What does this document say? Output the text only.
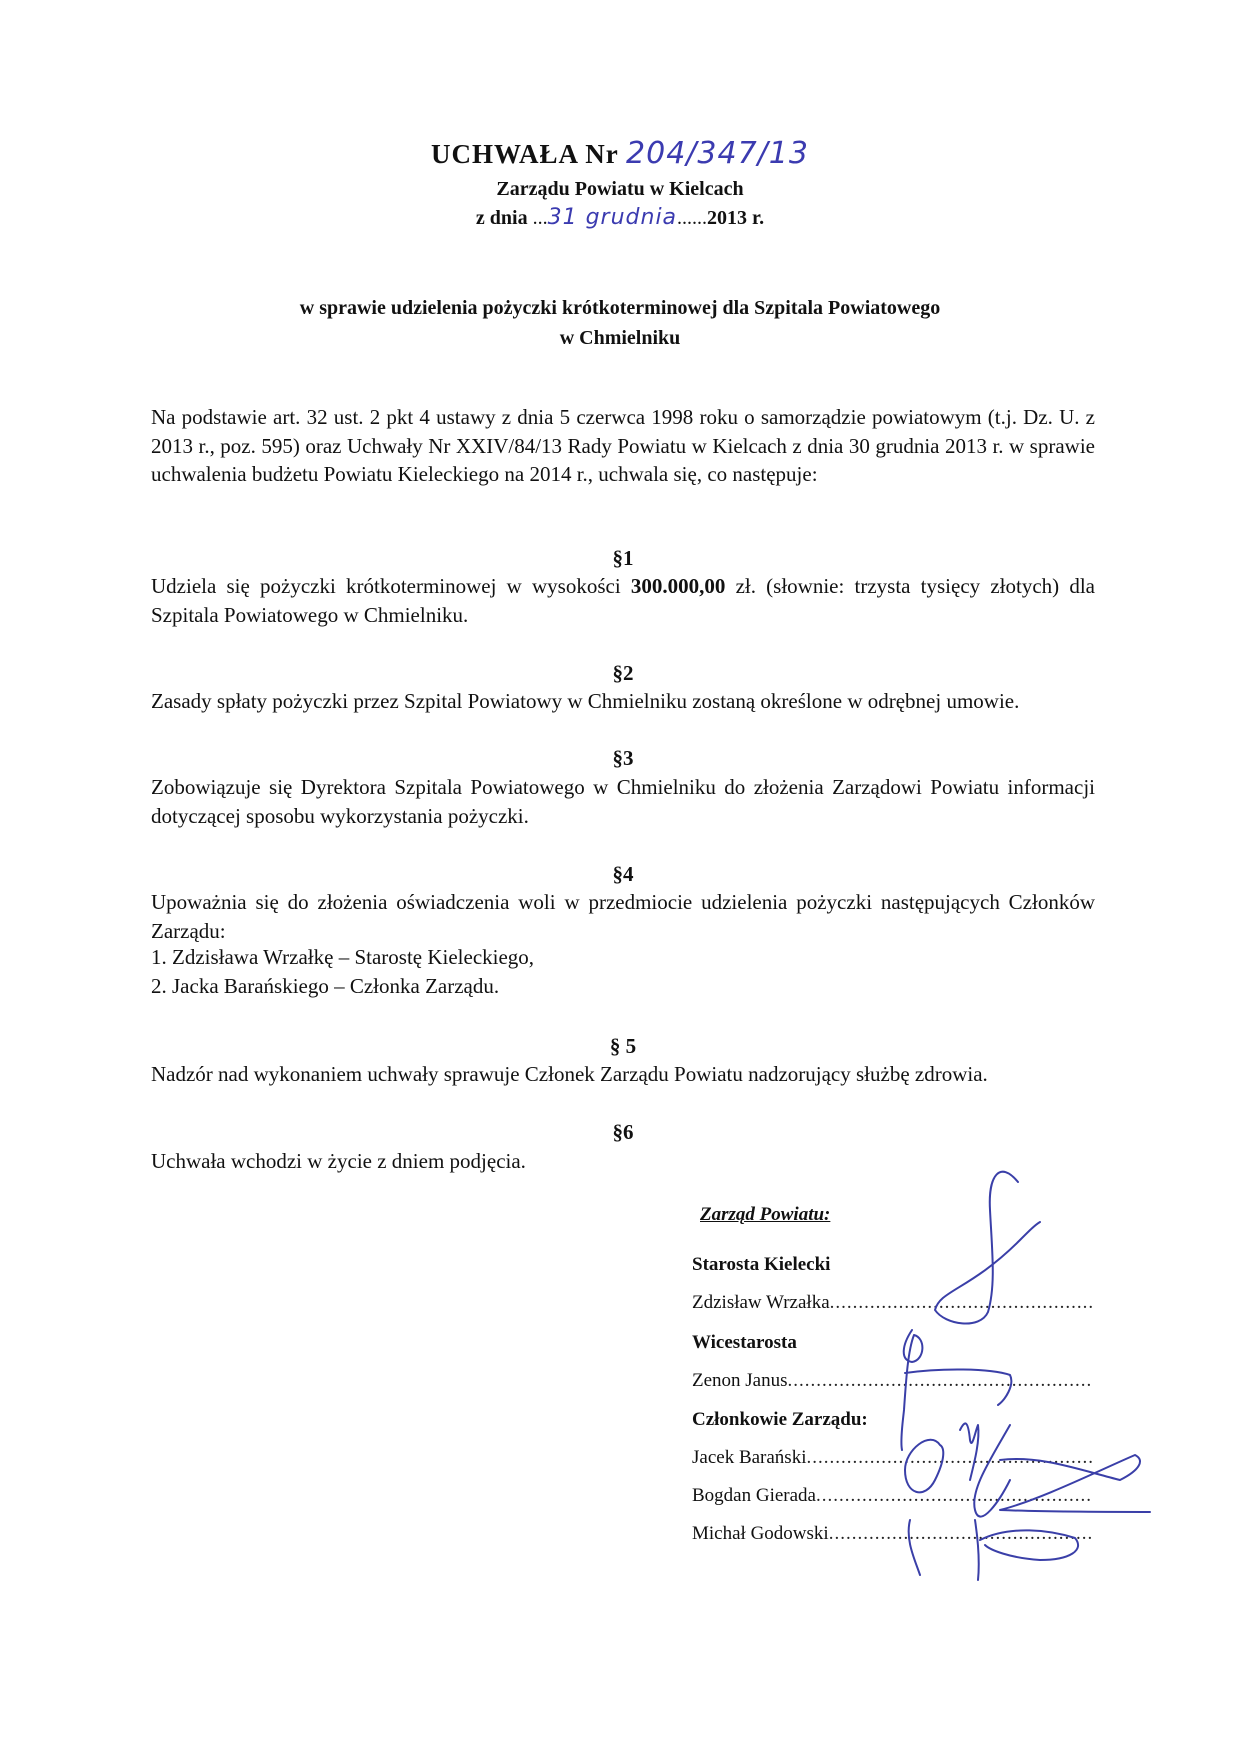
UCHWAŁA Nr 204/347/13
Zarządu Powiatu w Kielcach
z dnia ...31 grudnia......2013 r.
w sprawie udzielenia pożyczki krótkoterminowej dla Szpitala Powiatowego
w Chmielniku
Na podstawie art. 32 ust. 2 pkt 4 ustawy z dnia 5 czerwca 1998 roku o samorządzie powiatowym (t.j. Dz. U. z 2013 r., poz. 595) oraz Uchwały Nr XXIV/84/13 Rady Powiatu w Kielcach z dnia 30 grudnia 2013 r. w sprawie uchwalenia budżetu Powiatu Kieleckiego na 2014 r., uchwala się, co następuje:
§1
Udziela się pożyczki krótkoterminowej w wysokości 300.000,00 zł. (słownie: trzysta tysięcy złotych) dla Szpitala Powiatowego w Chmielniku.
§2
Zasady spłaty pożyczki przez Szpital Powiatowy w Chmielniku zostaną określone w odrębnej umowie.
§3
Zobowiązuje się Dyrektora Szpitala Powiatowego w Chmielniku do złożenia Zarządowi Powiatu informacji dotyczącej sposobu wykorzystania pożyczki.
§4
Upoważnia się do złożenia oświadczenia woli w przedmiocie udzielenia pożyczki następujących Członków Zarządu:
1. Zdzisława Wrzałkę – Starostę Kieleckiego,
2. Jacka Barańskiego – Członka Zarządu.
§ 5
Nadzór nad wykonaniem uchwały sprawuje Członek Zarządu Powiatu nadzorujący służbę zdrowia.
§6
Uchwała wchodzi w życie z dniem podjęcia.
Zarząd Powiatu:
Starosta Kielecki
Zdzisław Wrzałka
.....
Wicestarosta
Zenon Janus
.....
Członkowie Zarządu:
Jacek Barański
.....
Bogdan Gierada
.....
Michał Godowski
.....
